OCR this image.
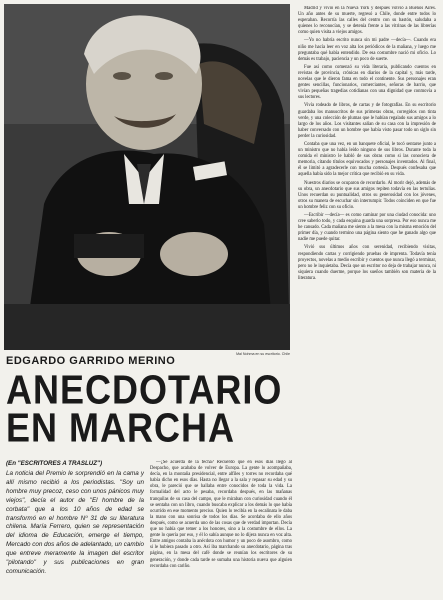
Mal Nohma en su escritorio. Chile
EDGARDO GARRIDO MERINO
ANECDOTARIO
EN MARCHA
(En "ESCRITORES A TRASLUZ")
La noticia del Premio le sorprendió en la cama y allí mismo recibió a los periodistas. "Soy un hombre muy precoz, ceso con unos pánicos muy viejos", decía el autor de "El hombre de la corbata" que a los 10 años de edad se transformó en el hombre Nº 31 de su literatura chilena. María Ferrero, quien se representación del idioma de Educación, emerge el tiempo, Mercado con dos años de adelantado, un cambio que entreve meramente la imagen del escritor "pilotando" y sus publicaciones en gran comunicación.

—¿Se acuerda de la fecha? Recuerdo que en esos días llegó al Despacho, que acababa de volver de Europa. La gente lo acompañaba, decía, en la montaña presidencial, entre alfiles y torres no recordaba qué había dicho en esos días. Hasta no llegar a la sala y repasar su edad y su obra, le pareció que se hallaba entre conocidos de toda la vida. La formalidad del acto le pesaba, recordaba después, en las mañanas tranquilas de su casa del campo, que le miraban con curiosidad cuando él se sentaba con un libro, cuando buscaba explicar a los demás lo que había ocurrido en ese momento preciso. Quien lo recibía en la escalinata le daba la mano con una sonrisa de todos los días. Se acordaba de ello años después, como se acuerda uno de las cosas que de verdad importan. Decía que no había que temer a los honores, sino a la costumbre de ellos. La gente lo quería por eso, y él lo sabía aunque no lo dijera nunca en voz alta. Entre amigos contaba la anécdota con humor y un poco de asombro, como si le hubiera pasado a otro. Así iba marchando su anecdotario, página tras página, en la mesa del café donde se reunían los escritores de su generación, y donde cada tarde se sumaba una historia nueva que alguien recordaba con cariño.

Madrid y vivió en la Nueva York y después volvió a Buenos Aires. Un año antes de su muerte, regresó a Chile, donde entre todos lo esperaban. Recorría las calles del centro con su bastón, saludaba a quienes lo reconocían, y se detenía frente a las vitrinas de las librerías como quien visita a viejos amigos.

—Yo no habría escrito nunca sin mi padre —decía—. Cuando era niño me hacía leer en voz alta los periódicos de la mañana, y luego me preguntaba qué había entendido. De esa costumbre nació mi oficio. Lo demás es trabajo, paciencia y un poco de suerte.

Fue así como comenzó su vida literaria, publicando cuentos en revistas de provincia, crónicas en diarios de la capital y, más tarde, novelas que le dieron fama en todo el continente. Sus personajes eran gentes sencillas, funcionarios, comerciantes, señoras de barrio, que vivían pequeñas tragedias cotidianas con una dignidad que conmovía a sus lectores.

Vivía rodeado de libros, de cartas y de fotografías. En su escritorio guardaba los manuscritos de sus primeras obras, corregidos con tinta verde, y una colección de plumas que le habían regalado sus amigos a lo largo de los años. Los visitantes salían de su casa con la impresión de haber conversado con un hombre que había visto pasar todo un siglo sin perder la curiosidad.

Contaba que una vez, en un banquete oficial, le tocó sentarse junto a un ministro que no había leído ninguno de sus libros. Durante toda la comida el ministro le habló de sus obras como si las conociera de memoria, citando títulos equivocados y personajes inventados. Al final, él se limitó a agradecerle con mucha cortesía. Después confesaba que aquella había sido la mejor crítica que recibió en su vida.

Nuestros diarios se ocuparon de recordarlo. Al morir dejó, además de su obra, un anecdotario que sus amigos repiten todavía en las tertulias. Unos recuerdan su puntualidad, otros su generosidad con los jóvenes, otros su manera de escuchar sin interrumpir. Todos coinciden en que fue un hombre feliz con su oficio.

—Escribir —decía— es como caminar por una ciudad conocida: uno cree saberlo todo, y cada esquina guarda una sorpresa. Por eso nunca me he cansado. Cada mañana me siento a la mesa con la misma emoción del primer día, y cuando termino una página siento que he ganado algo que nadie me puede quitar.

Vivió sus últimos años con serenidad, recibiendo visitas, respondiendo cartas y corrigiendo pruebas de imprenta. Todavía tenía proyectos, novelas a medio escribir y cuentos que nunca llegó a terminar, pero no le inquietaba. Decía que un escritor no deja de trabajar nunca, ni siquiera cuando duerme, porque los sueños también son materia de la literatura.
